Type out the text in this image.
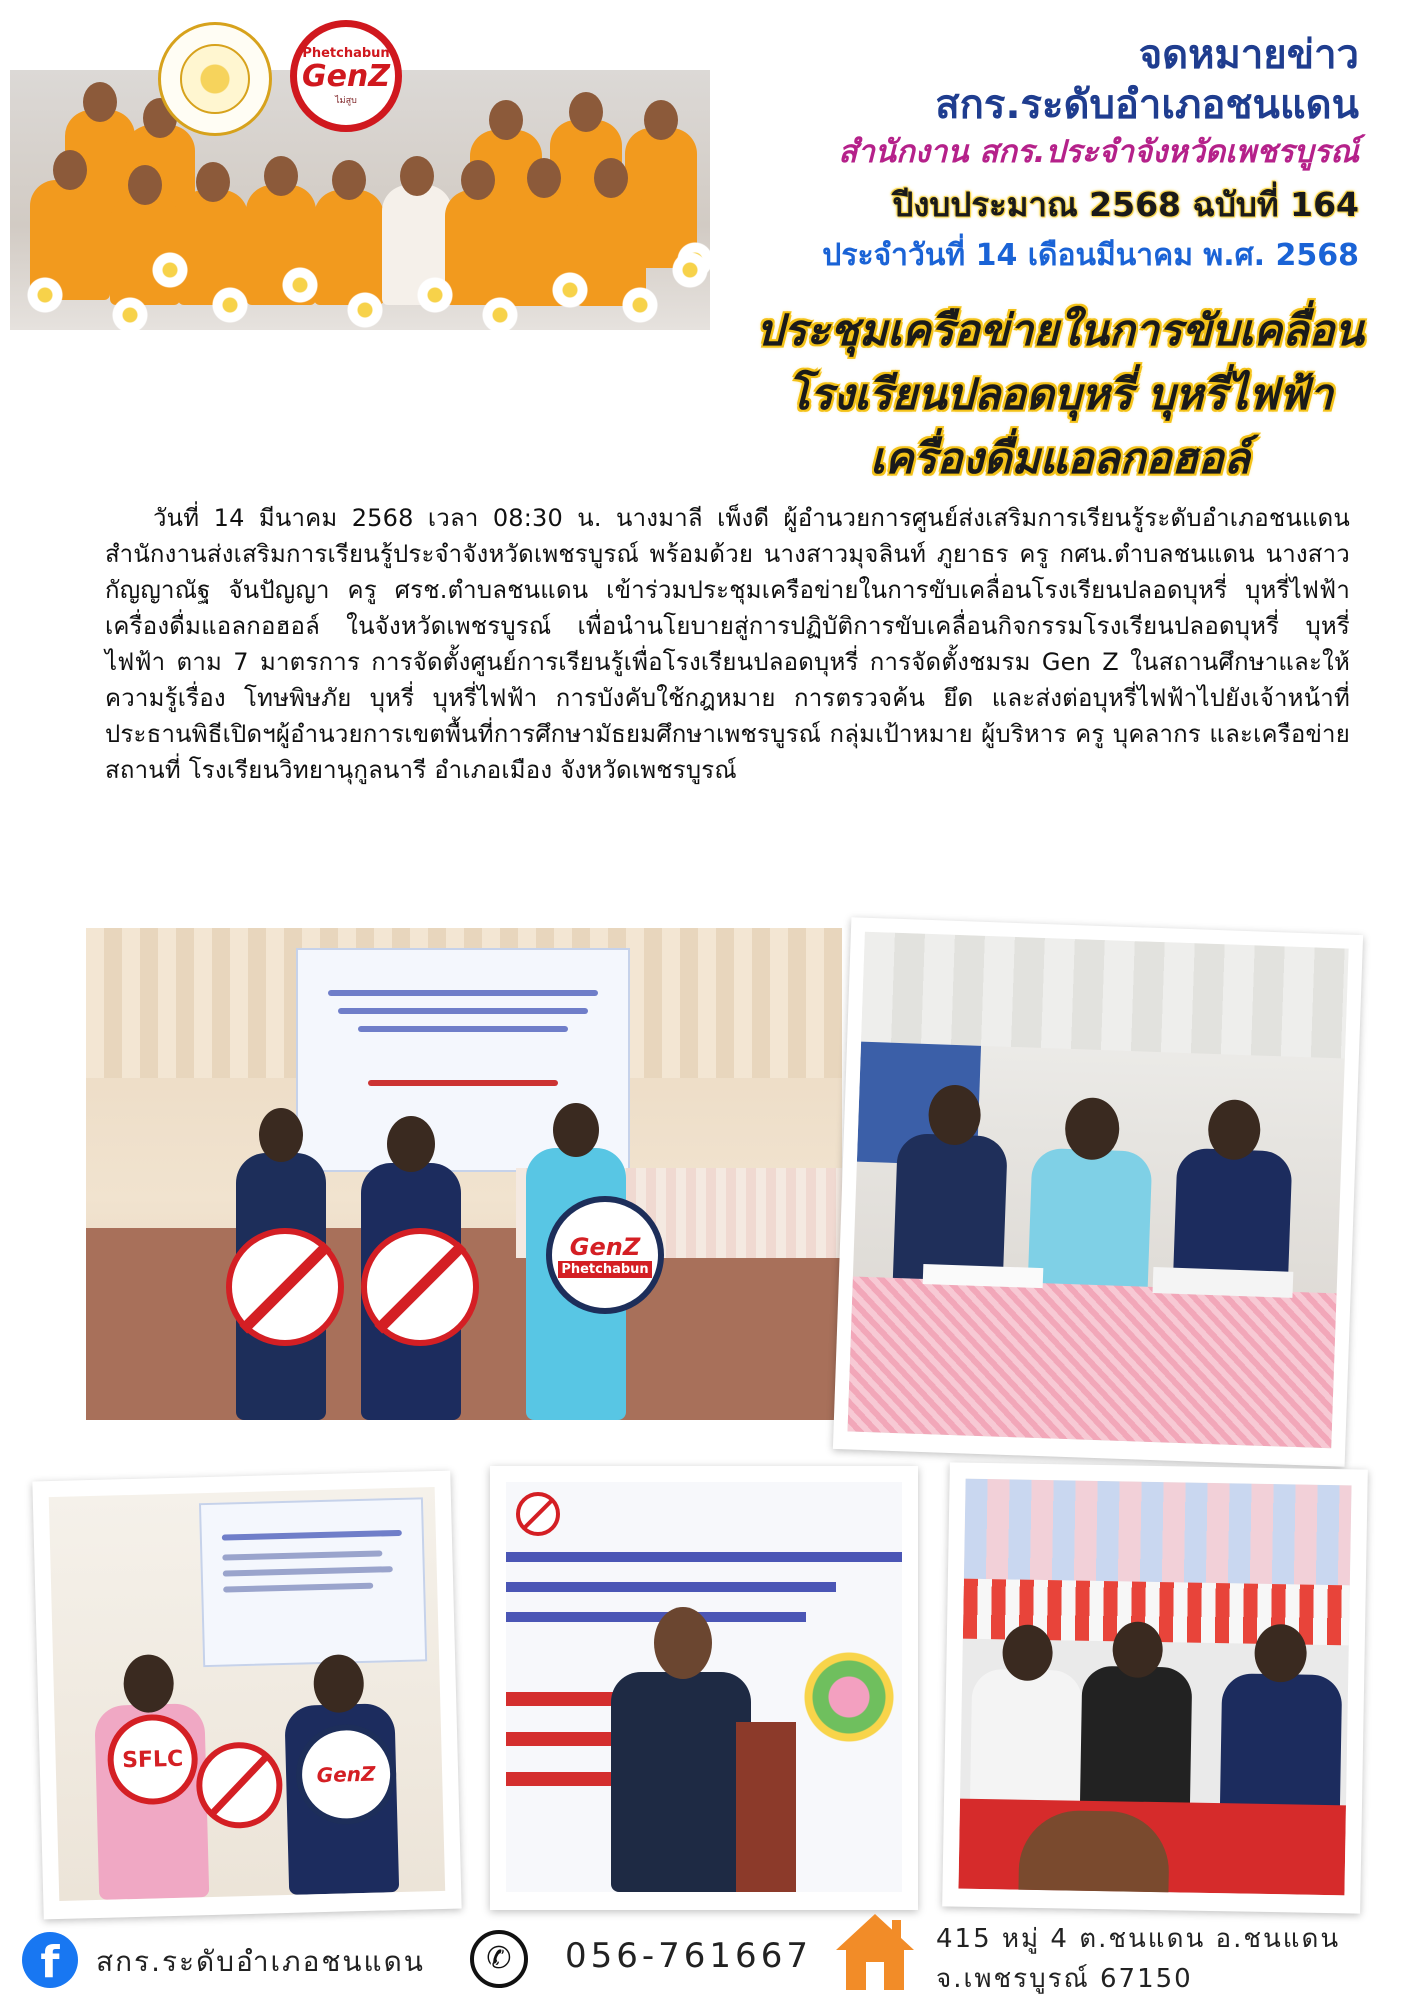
Phetchabun
GenZ
ไม่สูบ
จดหมายข่าว
สกร.ระดับอำเภอชนแดน
สำนักงาน สกร.ประจำจังหวัดเพชรบูรณ์
ปีงบประมาณ 2568 ฉบับที่ 164
ประจำวันที่ 14 เดือนมีนาคม พ.ศ. 2568
ประชุมเครือข่ายในการขับเคลื่อน
โรงเรียนปลอดบุหรี่ บุหรี่ไฟฟ้า
เครื่องดื่มแอลกอฮอล์

วันที่ 14 มีนาคม 2568 เวลา 08:30 น. นางมาลี เพ็งดี ผู้อำนวยการศูนย์ส่งเสริมการเรียนรู้ระดับอำเภอชนแดน สำนักงานส่งเสริมการเรียนรู้ประจำจังหวัดเพชรบูรณ์ พร้อมด้วย นางสาวมุจลินท์ ภูยาธร ครู กศน.ตำบลชนแดน นางสาวกัญญาณัฐ จันปัญญา ครู ศรช.ตำบลชนแดน เข้าร่วมประชุมเครือข่ายในการขับเคลื่อนโรงเรียนปลอดบุหรี่ บุหรี่ไฟฟ้า เครื่องดื่มแอลกอฮอล์ ในจังหวัดเพชรบูรณ์ เพื่อนำนโยบายสู่การปฏิบัติการขับเคลื่อนกิจกรรมโรงเรียนปลอดบุหรี่ บุหรี่ไฟฟ้า ตาม 7 มาตรการ การจัดตั้งศูนย์การเรียนรู้เพื่อโรงเรียนปลอดบุหรี่ การจัดตั้งชมรม Gen Z ในสถานศึกษาและให้ความรู้เรื่อง โทษพิษภัย บุหรี่ บุหรี่ไฟฟ้า การบังคับใช้กฎหมาย การตรวจค้น ยึด และส่งต่อบุหรี่ไฟฟ้าไปยังเจ้าหน้าที่ ประธานพิธีเปิดฯผู้อำนวยการเขตพื้นที่การศึกษามัธยมศึกษาเพชรบูรณ์ กลุ่มเป้าหมาย ผู้บริหาร ครู บุคลากร และเครือข่าย สถานที่ โรงเรียนวิทยานุกูลนารี อำเภอเมือง จังหวัดเพชรบูรณ์

GenZ
Phetchabun
SFLC
GenZ
f	สกร.ระดับอำเภอชนแดน	✆	056-761667	415 หมู่ 4 ต.ชนแดน อ.ชนแดน
จ.เพชรบูรณ์ 67150
